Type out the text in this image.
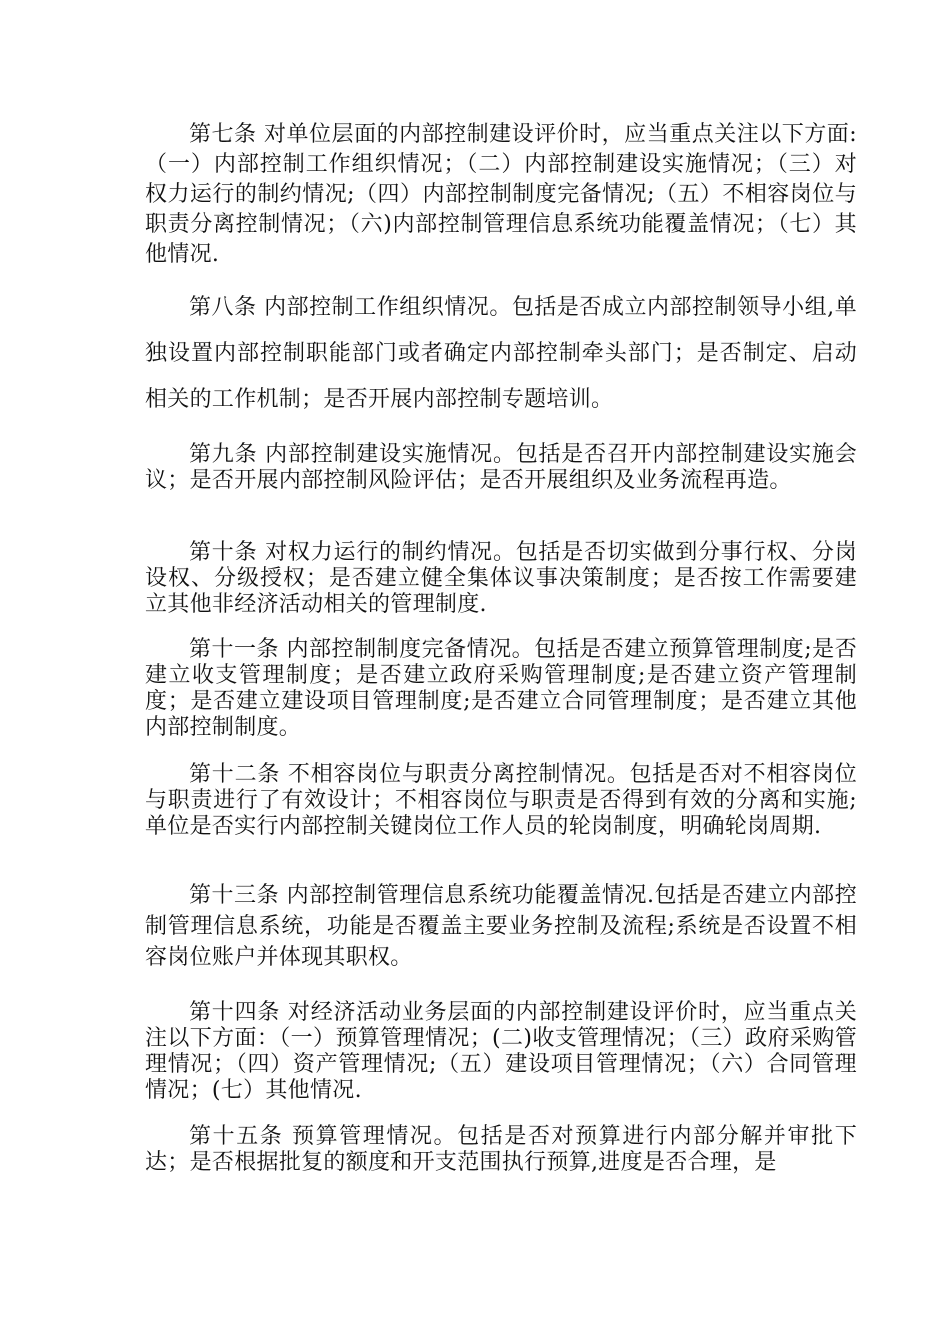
第七条 对单位层面的内部控制建设评价时，应当重点关注以下方面:（一）内部控制工作组织情况；（二）内部控制建设实施情况；（三）对权力运行的制约情况;（四）内部控制制度完备情况;（五）不相容岗位与职责分离控制情况；（六)内部控制管理信息系统功能覆盖情况；（七）其他情况.

第八条 内部控制工作组织情况。包括是否成立内部控制领导小组,单独设置内部控制职能部门或者确定内部控制牵头部门；是否制定、启动相关的工作机制；是否开展内部控制专题培训。

第九条 内部控制建设实施情况。包括是否召开内部控制建设实施会议；是否开展内部控制风险评估；是否开展组织及业务流程再造。

第十条 对权力运行的制约情况。包括是否切实做到分事行权、分岗设权、分级授权；是否建立健全集体议事决策制度；是否按工作需要建立其他非经济活动相关的管理制度.

第十一条 内部控制制度完备情况。包括是否建立预算管理制度;是否建立收支管理制度；是否建立政府采购管理制度;是否建立资产管理制度；是否建立建设项目管理制度;是否建立合同管理制度；是否建立其他内部控制制度。

第十二条 不相容岗位与职责分离控制情况。包括是否对不相容岗位与职责进行了有效设计；不相容岗位与职责是否得到有效的分离和实施;单位是否实行内部控制关键岗位工作人员的轮岗制度，明确轮岗周期.

第十三条 内部控制管理信息系统功能覆盖情况.包括是否建立内部控制管理信息系统，功能是否覆盖主要业务控制及流程;系统是否设置不相容岗位账户并体现其职权。

第十四条 对经济活动业务层面的内部控制建设评价时，应当重点关注以下方面：（一）预算管理情况；(二)收支管理情况；（三）政府采购管理情况；（四）资产管理情况;（五）建设项目管理情况；（六）合同管理情况；(七）其他情况.

第十五条 预算管理情况。包括是否对预算进行内部分解并审批下达；是否根据批复的额度和开支范围执行预算,进度是否合理，是
